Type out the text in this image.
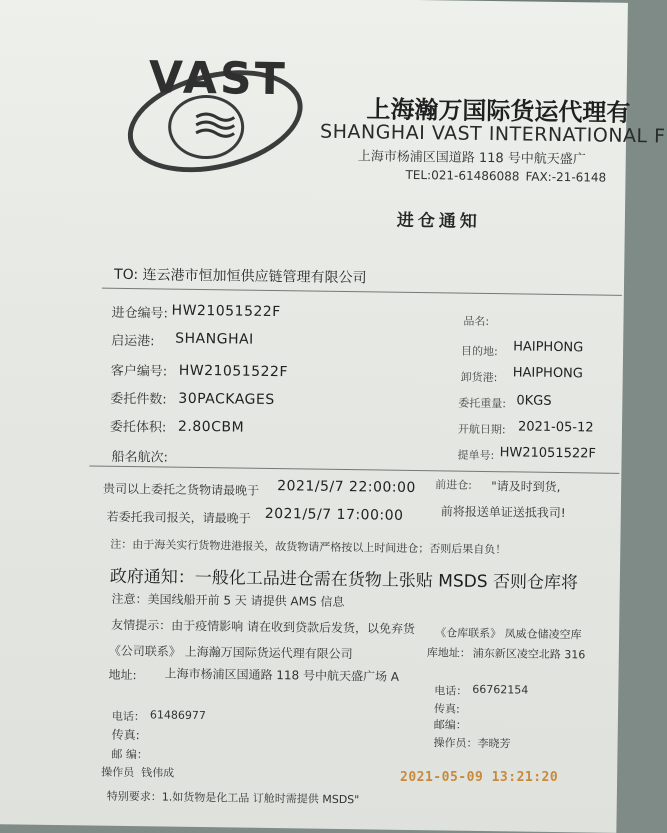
VAST
上海瀚万国际货运代理有
SHANGHAI VAST INTERNATIONAL F
上海市杨浦区国道路 118 号中航天盛广
TEL:021-61486088 FAX:-21-6148
进仓通知
TO: 连云港市恒加恒供应链管理有限公司
进仓编号: HW21051522F
启运港: SHANGHAI
客户编号: HW21051522F
委托件数: 30PACKAGES
委托体积: 2.80CBM
船名航次:
品名:
目的地: HAIPHONG
卸货港: HAIPHONG
委托重量: 0KGS
开航日期: 2021-05-12
提单号: HW21051522F
贵司以上委托之货物请最晚于 2021/5/7 22:00:00 前进仓: "请及时到货,
若委托我司报关，请最晚于 2021/5/7 17:00:00	前将报送单证送抵我司!
注：由于海关实行货物进港报关，故货物请严格按以上时间进仓；否则后果自负！
政府通知：一般化工品进仓需在货物上张贴 MSDS 否则仓库将
注意：美国线船开前 5 天 请提供 AMS 信息
友情提示：由于疫情影响 请在收到贷款后发货，以免弃货
《公司联系》 上海瀚万国际货运代理有限公司
地址: 上海市杨浦区国通路 118 号中航天盛广场 A
电话： 61486977
传真:
邮 编：
操作员 钱伟成
《仓库联系》 凤威仓储凌空库
库地址： 浦东新区凌空北路 316
电话： 66762154
传真:
邮编：
操作员： 李晓芳
特别要求：1.如货物是化工品 订舱时需提供 MSDS"
2021-05-09 13:21:20
